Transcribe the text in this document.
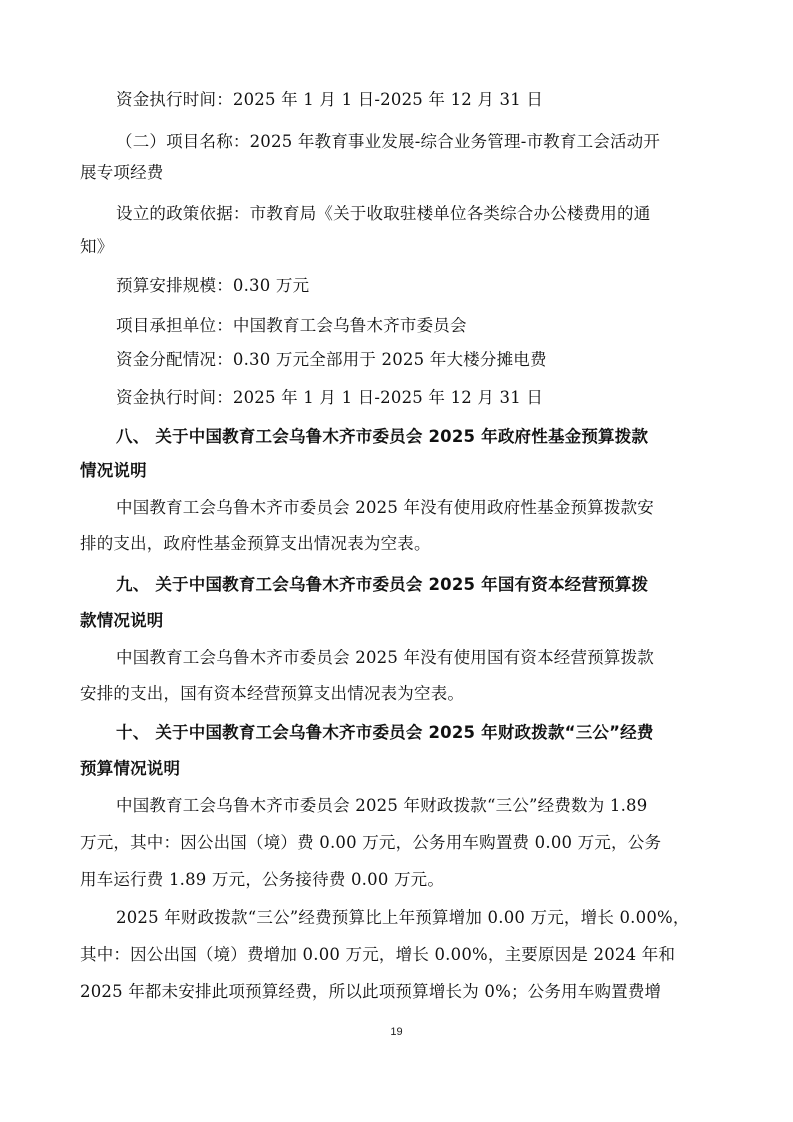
资金执行时间：2025 年 1 月 1 日-2025 年 12 月 31 日
（二）项目名称：2025 年教育事业发展-综合业务管理-市教育工会活动开
展专项经费
设立的政策依据：市教育局《关于收取驻楼单位各类综合办公楼费用的通
知》
预算安排规模：0.30 万元
项目承担单位：中国教育工会乌鲁木齐市委员会
资金分配情况：0.30 万元全部用于 2025 年大楼分摊电费
资金执行时间：2025 年 1 月 1 日-2025 年 12 月 31 日
八、 关于中国教育工会乌鲁木齐市委员会 2025 年政府性基金预算拨款
情况说明
中国教育工会乌鲁木齐市委员会 2025 年没有使用政府性基金预算拨款安
排的支出，政府性基金预算支出情况表为空表。
九、 关于中国教育工会乌鲁木齐市委员会 2025 年国有资本经营预算拨
款情况说明
中国教育工会乌鲁木齐市委员会 2025 年没有使用国有资本经营预算拨款
安排的支出，国有资本经营预算支出情况表为空表。
十、 关于中国教育工会乌鲁木齐市委员会 2025 年财政拨款“三公”经费
预算情况说明
中国教育工会乌鲁木齐市委员会 2025 年财政拨款“三公”经费数为 1.89
万元，其中：因公出国（境）费 0.00 万元，公务用车购置费 0.00 万元，公务
用车运行费 1.89 万元，公务接待费 0.00 万元。
2025 年财政拨款“三公”经费预算比上年预算增加 0.00 万元，增长 0.00%，
其中：因公出国（境）费增加 0.00 万元，增长 0.00%，主要原因是 2024 年和
2025 年都未安排此项预算经费，所以此项预算增长为 0%；公务用车购置费增
19
